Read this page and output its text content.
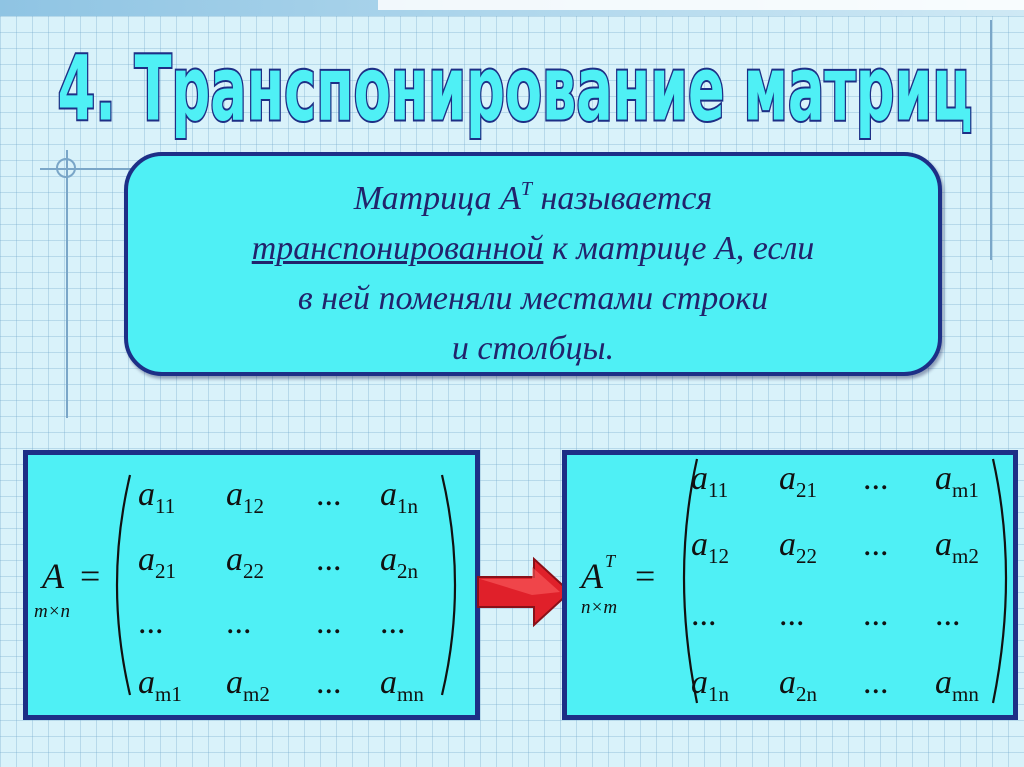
4. Транспонирование матриц
Матрица $А^Т$ называется
транспонированной к матрице А, если
в ней поменяли местами строки
и столбцы.
A
m×n
=
$a_{11}$ $a_{12}$ ... $a_{1n}$
$a_{21}$ $a_{22}$ ... $a_{2n}$
... ... ... ...
$a_{m1}$ $a_{m2}$ ... $a_{mn}$
A T
n×m
=
$a_{11}$ $a_{21}$ ... $a_{m1}$
$a_{12}$ $a_{22}$ ... $a_{m2}$
... ... ... ...
$a_{1n}$ $a_{2n}$ ... $a_{mn}$
